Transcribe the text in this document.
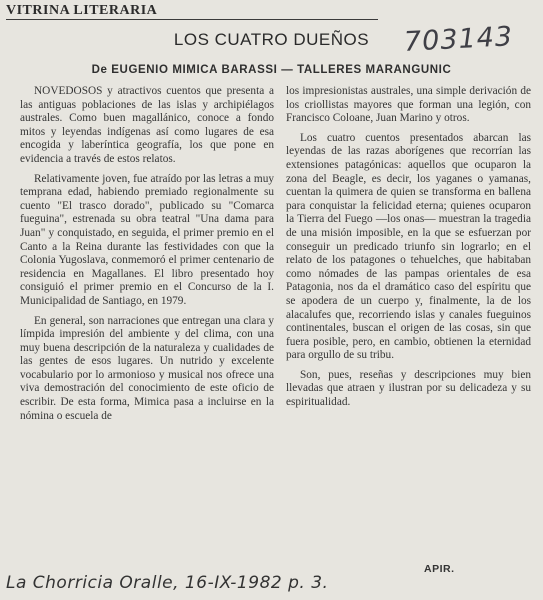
VITRINA LITERARIA
LOS CUATRO DUEÑOS	703143
De EUGENIO MIMICA BARASSI — TALLERES MARANGUNIC

NOVEDOSOS y atractivos cuentos que presenta a las antiguas poblaciones de las islas y archipiélagos australes. Como buen magallánico, conoce a fondo mitos y leyendas indígenas así como lugares de esa encogida y laberíntica geografía, los que pone en evidencia a través de estos relatos.

Relativamente joven, fue atraído por las letras a muy temprana edad, habiendo premiado regionalmente su cuento "El trasco dorado", publicado su "Comarca fueguina", estrenada su obra teatral "Una dama para Juan" y conquistado, en seguida, el primer premio en el Canto a la Reina durante las festividades con que la Colonia Yugoslava, conmemoró el primer centenario de residencia en Magallanes. El libro presentado hoy consiguió el primer premio en el Concurso de la I. Municipalidad de Santiago, en 1979.

En general, son narraciones que entregan una clara y límpida impresión del ambiente y del clima, con una muy buena descripción de la naturaleza y cualidades de las gentes de esos lugares. Un nutrido y excelente vocabulario por lo armonioso y musical nos ofrece una viva demostración del conocimiento de este oficio de escribir. De esta forma, Mimica pasa a incluirse en la nómina o escuela de

los impresionistas australes, una simple derivación de los criollistas mayores que forman una legión, con Francisco Coloane, Juan Marino y otros.

Los cuatro cuentos presentados abarcan las leyendas de las razas aborígenes que recorrían las extensiones patagónicas: aquellos que ocuparon la zona del Beagle, es decir, los yaganes o yamanas, cuentan la quimera de quien se transforma en ballena para conquistar la felicidad eterna; quienes ocuparon la Tierra del Fuego —los onas— muestran la tragedia de una misión imposible, en la que se esfuerzan por conseguir un predicado triunfo sin lograrlo; en el relato de los patagones o tehuelches, que habitaban como nómades de las pampas orientales de esa Patagonia, nos da el dramático caso del espíritu que se apodera de un cuerpo y, finalmente, la de los alacalufes que, recorriendo islas y canales fueguinos continentales, buscan el origen de las cosas, sin que fuera posible, pero, en cambio, obtienen la eternidad para orgullo de su tribu.

Son, pues, reseñas y descripciones muy bien llevadas que atraen y ilustran por su delicadeza y su espiritualidad.

APIR.
La Chorricia Oralle, 16-IX-1982 p. 3.
